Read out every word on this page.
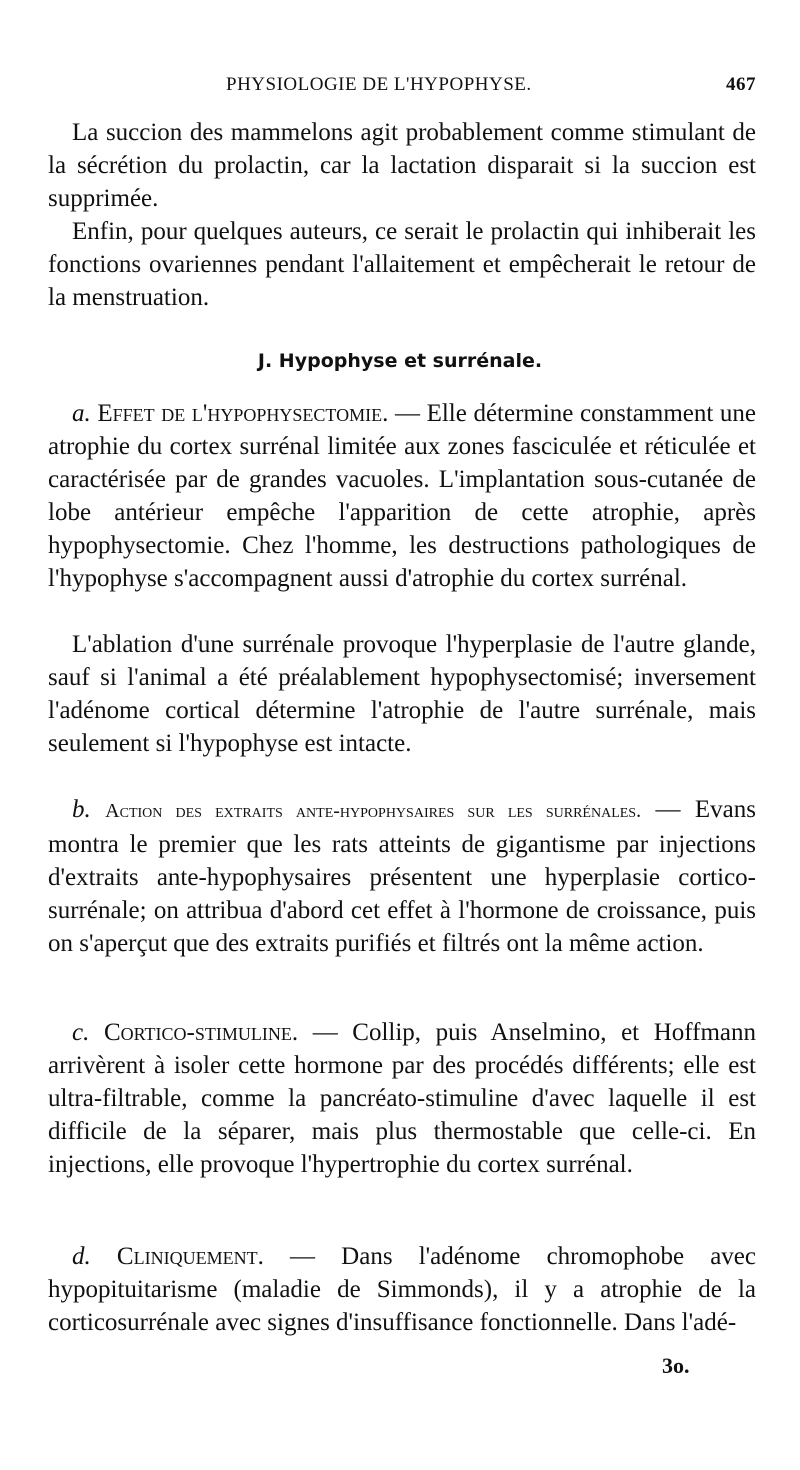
PHYSIOLOGIE DE L'HYPOPHYSE.	467

La succion des mammelons agit probablement comme stimulant de la sécrétion du prolactin, car la lactation disparait si la succion est supprimée.

Enfin, pour quelques auteurs, ce serait le prolactin qui inhiberait les fonctions ovariennes pendant l'allaitement et empêcherait le retour de la menstruation.

J. Hypophyse et surrénale.

a. Effet de l'hypophysectomie. — Elle détermine constamment une atrophie du cortex surrénal limitée aux zones fasciculée et réticulée et caractérisée par de grandes vacuoles. L'implantation sous-cutanée de lobe antérieur empêche l'apparition de cette atrophie, après hypophysectomie. Chez l'homme, les destructions pathologiques de l'hypophyse s'accompagnent aussi d'atrophie du cortex surrénal.

L'ablation d'une surrénale provoque l'hyperplasie de l'autre glande, sauf si l'animal a été préalablement hypophysectomisé; inversement l'adénome cortical détermine l'atrophie de l'autre surrénale, mais seulement si l'hypophyse est intacte.

b. Action des extraits ante-hypophysaires sur les surrénales. — Evans montra le premier que les rats atteints de gigantisme par injections d'extraits ante-hypophysaires présentent une hyperplasie cortico-surrénale; on attribua d'abord cet effet à l'hormone de croissance, puis on s'aperçut que des extraits purifiés et filtrés ont la même action.

c. Cortico-stimuline. — Collip, puis Anselmino, et Hoffmann arrivèrent à isoler cette hormone par des procédés différents; elle est ultra-filtrable, comme la pancréato-stimuline d'avec laquelle il est difficile de la séparer, mais plus thermostable que celle-ci. En injections, elle provoque l'hypertrophie du cortex surrénal.

d. Cliniquement. — Dans l'adénome chromophobe avec hypopituitarisme (maladie de Simmonds), il y a atrophie de la corticosurrénale avec signes d'insuffisance fonctionnelle. Dans l'adé-

3o.
